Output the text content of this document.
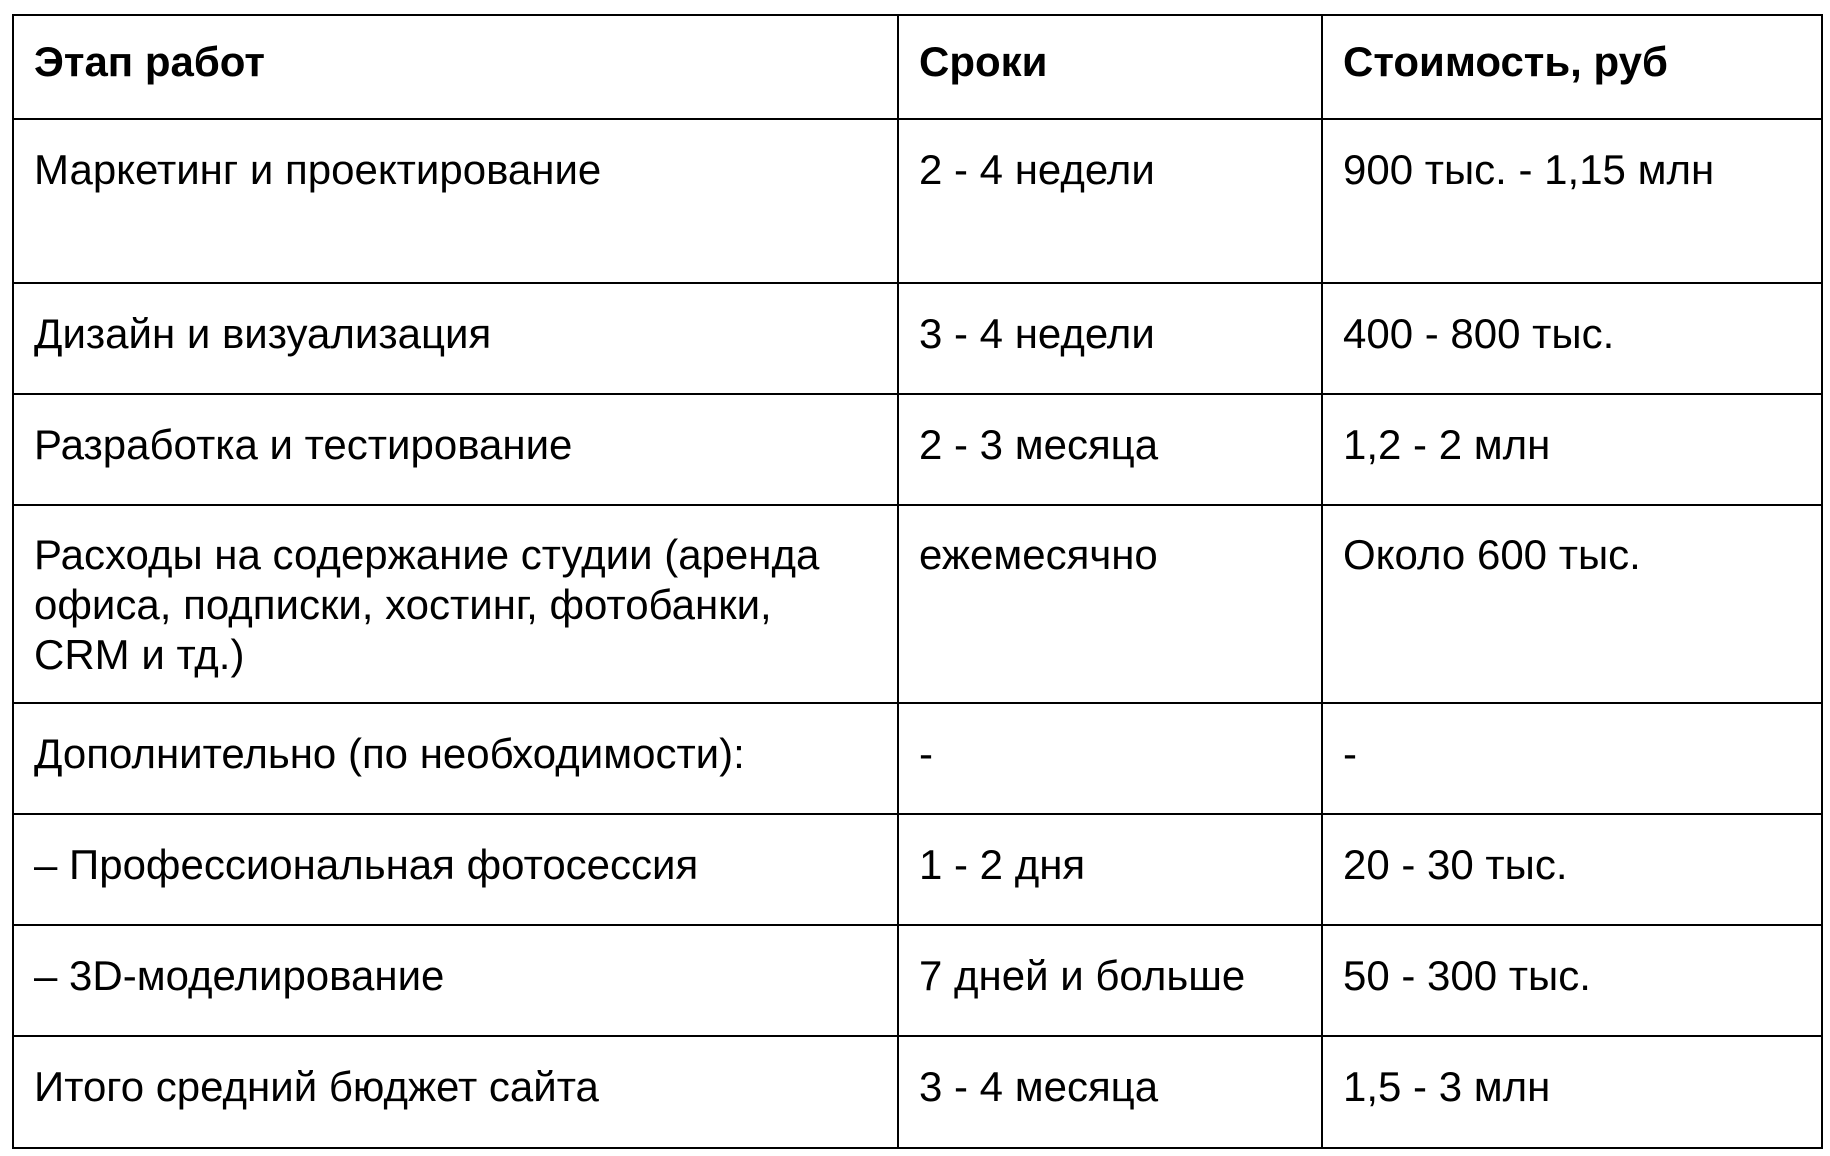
Этап работ	Сроки	Стоимость, руб
Маркетинг и проектирование	2 - 4 недели	900 тыс. - 1,15 млн
Дизайн и визуализация	3 - 4 недели	400 - 800 тыс.
Разработка и тестирование	2 - 3 месяца	1,2 - 2 млн
Расходы на содержание студии (аренда офиса, подписки, хостинг, фотобанки, CRM и тд.)	ежемесячно	Около 600 тыс.
Дополнительно (по необходимости):	-	-
– Профессиональная фотосессия	1 - 2 дня	20 - 30 тыс.
– 3D-моделирование	7 дней и больше	50 - 300 тыс.
Итого средний бюджет сайта	3 - 4 месяца	1,5 - 3 млн
